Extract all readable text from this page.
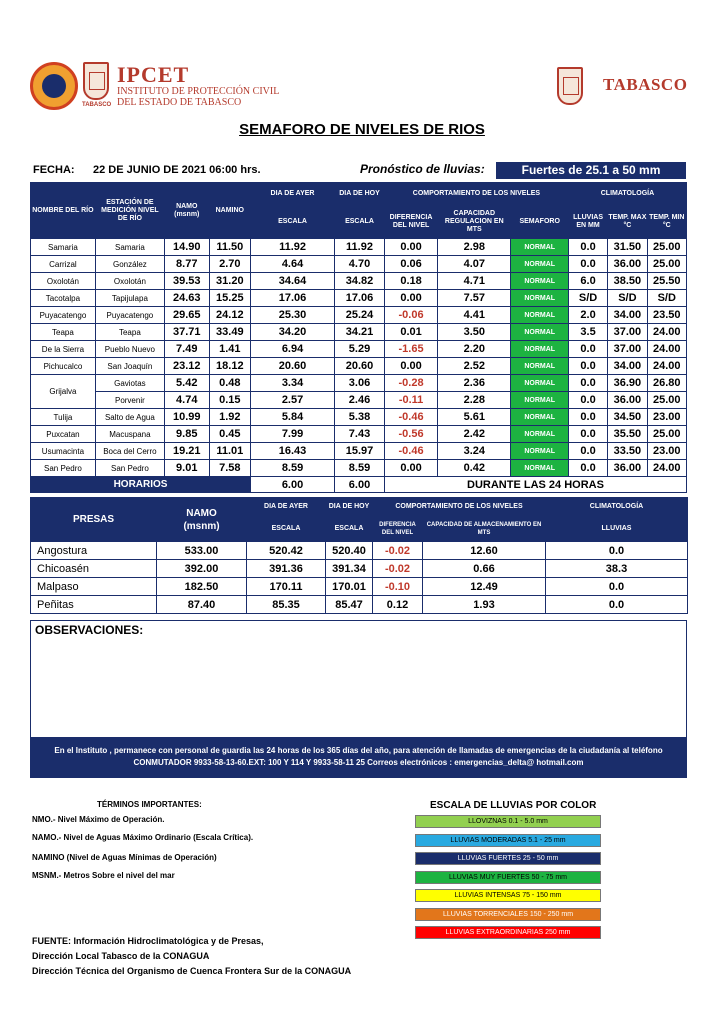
TABASCO
IPCET
INSTITUTO DE PROTECCIÓN CIVIL
DEL ESTADO DE TABASCO
TABASCO
SEMAFORO DE NIVELES DE RIOS
FECHA: 22 DE JUNIO DE 2021 06:00 hrs.	Pronóstico de lluvias:	Fuertes de 25.1 a 50 mm
NOMBRE DEL RÍO	ESTACIÓN DE MEDICIÓN NIVEL DE RÍO	NAMO (msnm)	NAMINO	DIA DE AYER	DIA DE HOY	COMPORTAMIENTO DE LOS NIVELES			CLIMATOLOGÍA		
				ESCALA	ESCALA	DIFERENCIA DEL NIVEL	CAPACIDAD REGULACION EN MTS	SEMAFORO	LLUVIAS EN MM	TEMP. MAX °C	TEMP. MIN °C
Samaria	Samaria	14.90	11.50	11.92	11.92	0.00	2.98	NORMAL	0.0	31.50	25.00
Carrizal	González	8.77	2.70	4.64	4.70	0.06	4.07	NORMAL	0.0	36.00	25.00
Oxolotán	Oxolotán	39.53	31.20	34.64	34.82	0.18	4.71	NORMAL	6.0	38.50	25.50
Tacotalpa	Tapijulapa	24.63	15.25	17.06	17.06	0.00	7.57	NORMAL	S/D	S/D	S/D
Puyacatengo	Puyacatengo	29.65	24.12	25.30	25.24	-0.06	4.41	NORMAL	2.0	34.00	23.50
Teapa	Teapa	37.71	33.49	34.20	34.21	0.01	3.50	NORMAL	3.5	37.00	24.00
De la Sierra	Pueblo Nuevo	7.49	1.41	6.94	5.29	-1.65	2.20	NORMAL	0.0	37.00	24.00
Pichucalco	San Joaquín	23.12	18.12	20.60	20.60	0.00	2.52	NORMAL	0.0	34.00	24.00
Grijalva	Gaviotas	5.42	0.48	3.34	3.06	-0.28	2.36	NORMAL	0.0	36.90	26.80
	Porvenir	4.74	0.15	2.57	2.46	-0.11	2.28	NORMAL	0.0	36.00	25.00
Tulija	Salto de Agua	10.99	1.92	5.84	5.38	-0.46	5.61	NORMAL	0.0	34.50	23.00
Puxcatan	Macuspana	9.85	0.45	7.99	7.43	-0.56	2.42	NORMAL	0.0	35.50	25.00
Usumacinta	Boca del Cerro	19.21	11.01	16.43	15.97	-0.46	3.24	NORMAL	0.0	33.50	23.00
San Pedro	San Pedro	9.01	7.58	8.59	8.59	0.00	0.42	NORMAL	0.0	36.00	24.00
HORARIOS				6.00	6.00	DURANTE LAS 24 HORAS					
PRESAS	NAMO
(msnm)	DIA DE AYER	DIA DE HOY	COMPORTAMIENTO DE LOS NIVELES		CLIMATOLOGÍA
		ESCALA	ESCALA	DIFERENCIA DEL NIVEL	CAPACIDAD DE ALMACENAMIENTO EN MTS	LLUVIAS
Angostura	533.00	520.42	520.40	-0.02	12.60	0.0
Chicoasén	392.00	391.36	391.34	-0.02	0.66	38.3
Malpaso	182.50	170.11	170.01	-0.10	12.49	0.0
Peñitas	87.40	85.35	85.47	0.12	1.93	0.0
OBSERVACIONES:
En el Instituto , permanece con personal de guardia las 24 horas de los 365 días del año, para atención de llamadas de emergencias de la ciudadanía al teléfono
CONMUTADOR 9933-58-13-60.EXT: 100 Y 114 Y 9933-58-11 25 Correos electrónicos : emergencias_delta@ hotmail.com
TÉRMINOS IMPORTANTES:
NMO.- Nivel Máximo de Operación.
NAMO.- Nivel de Aguas Máximo Ordinario (Escala Crítica).
NAMINO (Nivel de Aguas Mínimas de Operación)
MSNM.- Metros Sobre el nivel del mar
ESCALA DE LLUVIAS POR COLOR
LLOVIZNAS 0.1 - 5.0 mm
LLUVIAS MODERADAS 5.1 - 25 mm
LLUVIAS FUERTES 25 - 50 mm
LLUVIAS MUY FUERTES 50 - 75 mm
LLUVIAS INTENSAS 75 - 150 mm
LLUVIAS TORRENCIALES 150 - 250 mm
LLUVIAS EXTRAORDINARIAS 250 mm
FUENTE: Información Hidroclimatológica y de Presas,
Dirección Local Tabasco de la CONAGUA
Dirección Técnica del Organismo de Cuenca Frontera Sur de la CONAGUA
